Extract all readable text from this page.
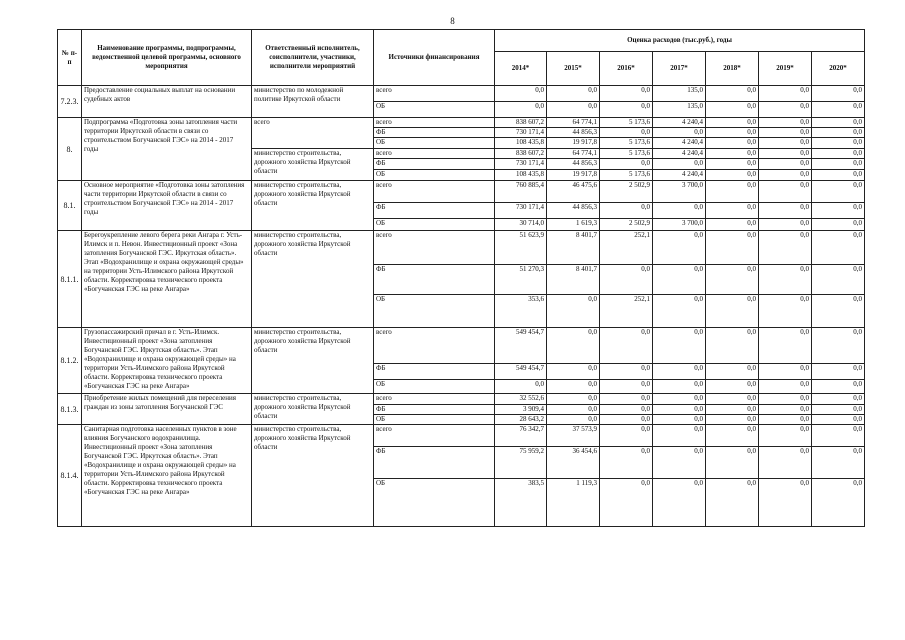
8
№ п-п	Наименование программы, подпрограммы, ведомственной целевой программы, основного мероприятия	Ответственный исполнитель, соисполнители, участники, исполнители мероприятий	Источники финансирования	Оценка расходов (тыс.руб.), годы						
				2014*	2015*	2016*	2017*	2018*	2019*	2020*
7.2.3.	Предоставление социальных выплат на основании судебных актов	министерство по молодежной политике Иркутской области	всего	0,0	0,0	0,0	135,0	0,0	0,0	0,0
			ОБ	0,0	0,0	0,0	135,0	0,0	0,0	0,0
8.	Подпрограмма «Подготовка зоны затопления части территории Иркутской области в связи со строительством Богучанской ГЭС» на 2014 - 2017 годы	всего	всего	838 607,2	64 774,1	5 173,6	4 240,4	0,0	0,0	0,0
			ФБ	730 171,4	44 856,3	0,0	0,0	0,0	0,0	0,0
			ОБ	108 435,8	19 917,8	5 173,6	4 240,4	0,0	0,0	0,0
		министерство строительства, дорожного хозяйства Иркутской области	всего	838 607,2	64 774,1	5 173,6	4 240,4	0,0	0,0	0,0
			ФБ	730 171,4	44 856,3	0,0	0,0	0,0	0,0	0,0
			ОБ	108 435,8	19 917,8	5 173,6	4 240,4	0,0	0,0	0,0
8.1.	Основное мероприятие «Подготовка зоны затопления части территории Иркутской области в связи со строительством Богучанской ГЭС» на 2014 - 2017 годы	министерство строительства, дорожного хозяйства Иркутской области	всего	760 885,4	46 475,6	2 502,9	3 700,0	0,0	0,0	0,0
			ФБ	730 171,4	44 856,3	0,0	0,0	0,0	0,0	0,0
			ОБ	30 714,0	1 619,3	2 502,9	3 700,0	0,0	0,0	0,0
8.1.1.	Берегоукрепление левого берега реки Ангара г. Усть-Илимск и п. Невон. Инвестиционный проект «Зона затопления Богучанской ГЭС. Иркутская область». Этап «Водохранилище и охрана окружающей среды» на территории Усть-Илимского района Иркутской области. Корректировка технического проекта «Богучанская ГЭС на реке Ангара»	министерство строительства, дорожного хозяйства Иркутской области	всего	51 623,9	8 401,7	252,1	0,0	0,0	0,0	0,0
			ФБ	51 270,3	8 401,7	0,0	0,0	0,0	0,0	0,0
			ОБ	353,6	0,0	252,1	0,0	0,0	0,0	0,0
8.1.2.	Грузопассажирский причал в г. Усть-Илимск. Инвестиционный проект «Зона затопления Богучанской ГЭС. Иркутская область». Этап «Водохранилище и охрана окружающей среды» на территории Усть-Илимского района Иркутской области. Корректировка технического проекта «Богучанская ГЭС на реке Ангара»	министерство строительства, дорожного хозяйства Иркутской области	всего	549 454,7	0,0	0,0	0,0	0,0	0,0	0,0
			ФБ	549 454,7	0,0	0,0	0,0	0,0	0,0	0,0
			ОБ	0,0	0,0	0,0	0,0	0,0	0,0	0,0
8.1.3.	Приобретение жилых помещений для переселения граждан из зоны затопления Богучанской ГЭС	министерство строительства, дорожного хозяйства Иркутской области	всего	32 552,6	0,0	0,0	0,0	0,0	0,0	0,0
			ФБ	3 909,4	0,0	0,0	0,0	0,0	0,0	0,0
			ОБ	28 643,2	0,0	0,0	0,0	0,0	0,0	0,0
8.1.4.	Санитарная подготовка населенных пунктов в зоне влияния Богучанского водохранилища. Инвестиционный проект «Зона затопления Богучанской ГЭС. Иркутская область». Этап «Водохранилище и охрана окружающей среды» на территории Усть-Илимского района Иркутской области. Корректировка технического проекта «Богучанская ГЭС на реке Ангара»	министерство строительства, дорожного хозяйства Иркутской области	всего	76 342,7	37 573,9	0,0	0,0	0,0	0,0	0,0
			ФБ	75 959,2	36 454,6	0,0	0,0	0,0	0,0	0,0
			ОБ	383,5	1 119,3	0,0	0,0	0,0	0,0	0,0
